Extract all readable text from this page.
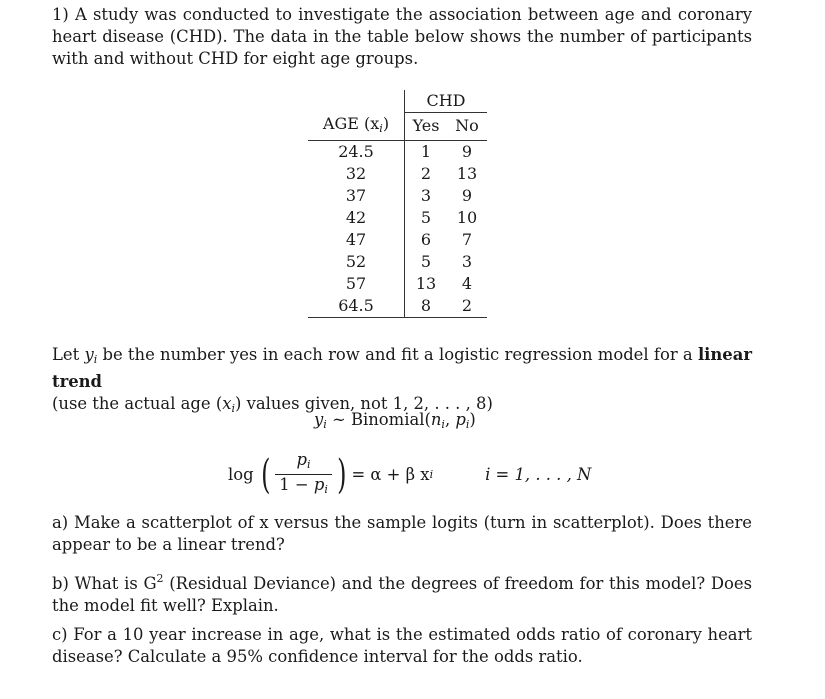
1) A study was conducted to investigate the association between age and coronary heart disease (CHD). The data in the table below shows the number of participants with and without CHD for eight age groups.
	CHD	
AGE $(x_i)$	Yes	No
24.5	1	9
32	2	13
37	3	9
42	5	10
47	6	7
52	5	3
57	13	4
64.5	8	2
Let $y_i$ be the number yes in each row and fit a logistic regression model for a linear trend
(use the actual age $(x_i)$ values given, not 1, 2, . . . , 8)
$y_i$ ∼ $Binomial(n_i$, $p_i$)
log ( $\frac{p_i}{1 - p_i}$ ) = α + β x i	i = 1, . . . , N
a) Make a scatterplot of x versus the sample logits (turn in scatterplot). Does there appear to be a linear trend?
b) What is $G^2$ (Residual Deviance) and the degrees of freedom for this model? Does the model fit well? Explain.
c) For a 10 year increase in age, what is the estimated odds ratio of coronary heart disease? Calculate a 95% confidence interval for the odds ratio.
